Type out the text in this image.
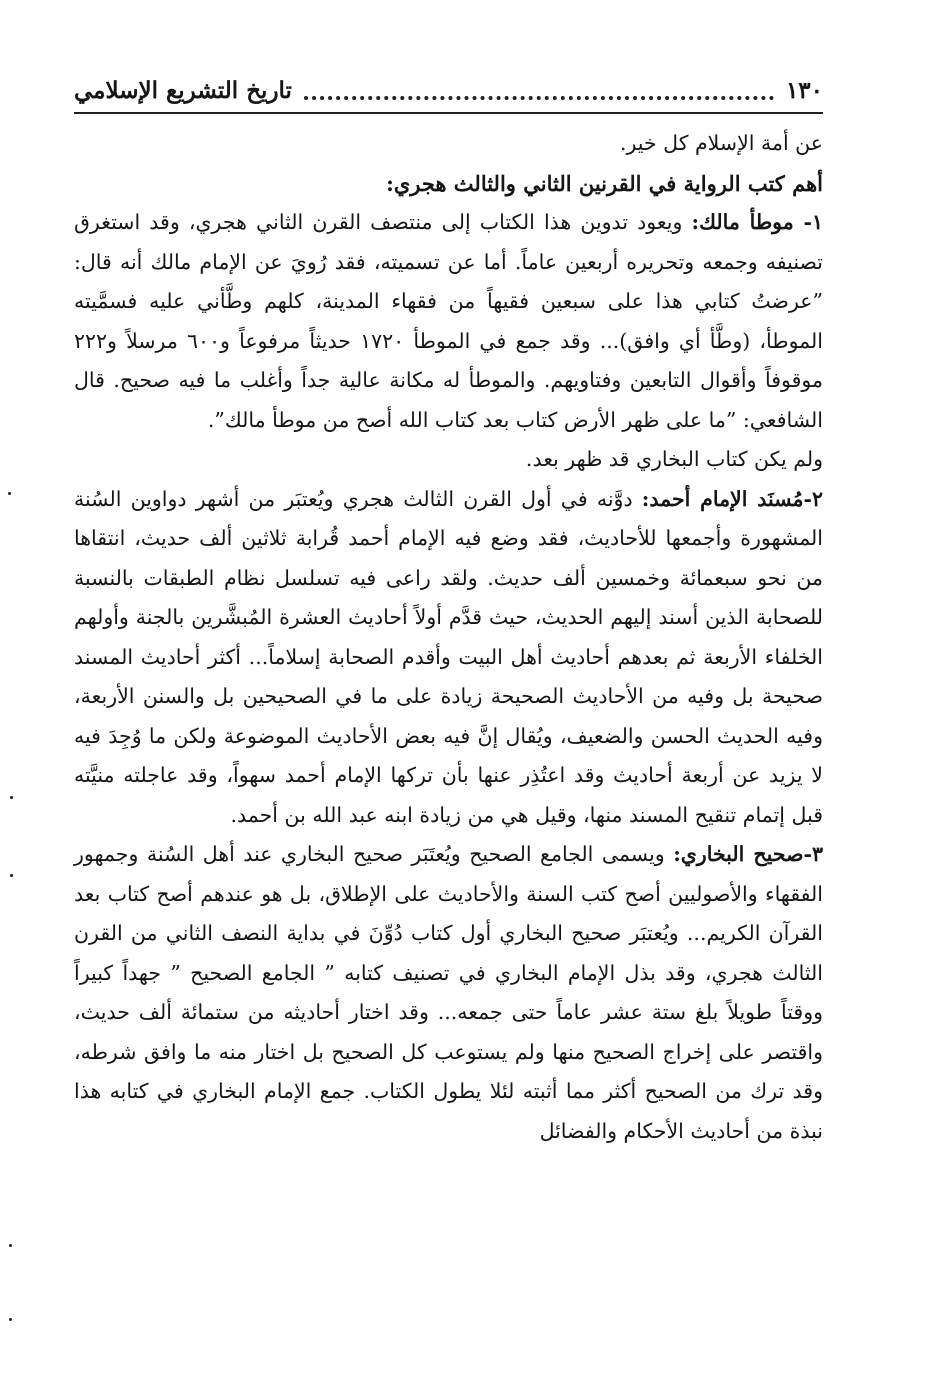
١٣٠
تاريخ التشريع الإسلامي

عن أمة الإسلام كل خير.

أهم كتب الرواية في القرنين الثاني والثالث هجري:

١- موطأ مالك: ويعود تدوين هذا الكتاب إلى منتصف القرن الثاني هجري، وقد استغرق تصنيفه وجمعه وتحريره أربعين عاماً. أما عن تسميته، فقد رُويَ عن الإمام مالك أنه قال: ”عرضتُ كتابي هذا على سبعين فقيهاً من فقهاء المدينة، كلهم وطَّأني عليه فسمَّيته الموطأ، (وطَّأ أي وافق)... وقد جمع في الموطأ ١٧٢٠ حديثاً مرفوعاً و٦٠٠ مرسلاً و٢٢٢ موقوفاً وأقوال التابعين وفتاويهم. والموطأ له مكانة عالية جداً وأغلب ما فيه صحيح. قال الشافعي: ”ما على ظهر الأرض كتاب بعد كتاب الله أصح من موطأ مالك”.

ولم يكن كتاب البخاري قد ظهر بعد.

٢-مُسنَد الإمام أحمد: دوَّنه في أول القرن الثالث هجري ويُعتبَر من أشهر دواوين السُنة المشهورة وأجمعها للأحاديث، فقد وضع فيه الإمام أحمد قُرابة ثلاثين ألف حديث، انتقاها من نحو سبعمائة وخمسين ألف حديث. ولقد راعى فيه تسلسل نظام الطبقات بالنسبة للصحابة الذين أسند إليهم الحديث، حيث قدَّم أولاً أحاديث العشرة المُبشَّرين بالجنة وأولهم الخلفاء الأربعة ثم بعدهم أحاديث أهل البيت وأقدم الصحابة إسلاماً... أكثر أحاديث المسند صحيحة بل وفيه من الأحاديث الصحيحة زيادة على ما في الصحيحين بل والسنن الأربعة، وفيه الحديث الحسن والضعيف، ويُقال إنَّ فيه بعض الأحاديث الموضوعة ولكن ما وُجِدَ فيه لا يزيد عن أربعة أحاديث وقد اعتُذِر عنها بأن تركها الإمام أحمد سهواً، وقد عاجلته منيَّته قبل إتمام تنقيح المسند منها، وقيل هي من زيادة ابنه عبد الله بن أحمد.

٣-صحيح البخاري: ويسمى الجامع الصحيح ويُعتَبَر صحيح البخاري عند أهل السُنة وجمهور الفقهاء والأصوليين أصح كتب السنة والأحاديث على الإطلاق، بل هو عندهم أصح كتاب بعد القرآن الكريم... ويُعتبَر صحيح البخاري أول كتاب دُوِّنَ في بداية النصف الثاني من القرن الثالث هجري، وقد بذل الإمام البخاري في تصنيف كتابه ” الجامع الصحيح ” جهداً كبيراً ووقتاً طويلاً بلغ ستة عشر عاماً حتى جمعه... وقد اختار أحاديثه من ستمائة ألف حديث، واقتصر على إخراج الصحيح منها ولم يستوعب كل الصحيح بل اختار منه ما وافق شرطه، وقد ترك من الصحيح أكثر مما أثبته لئلا يطول الكتاب. جمع الإمام البخاري في كتابه هذا نبذة من أحاديث الأحكام والفضائل
